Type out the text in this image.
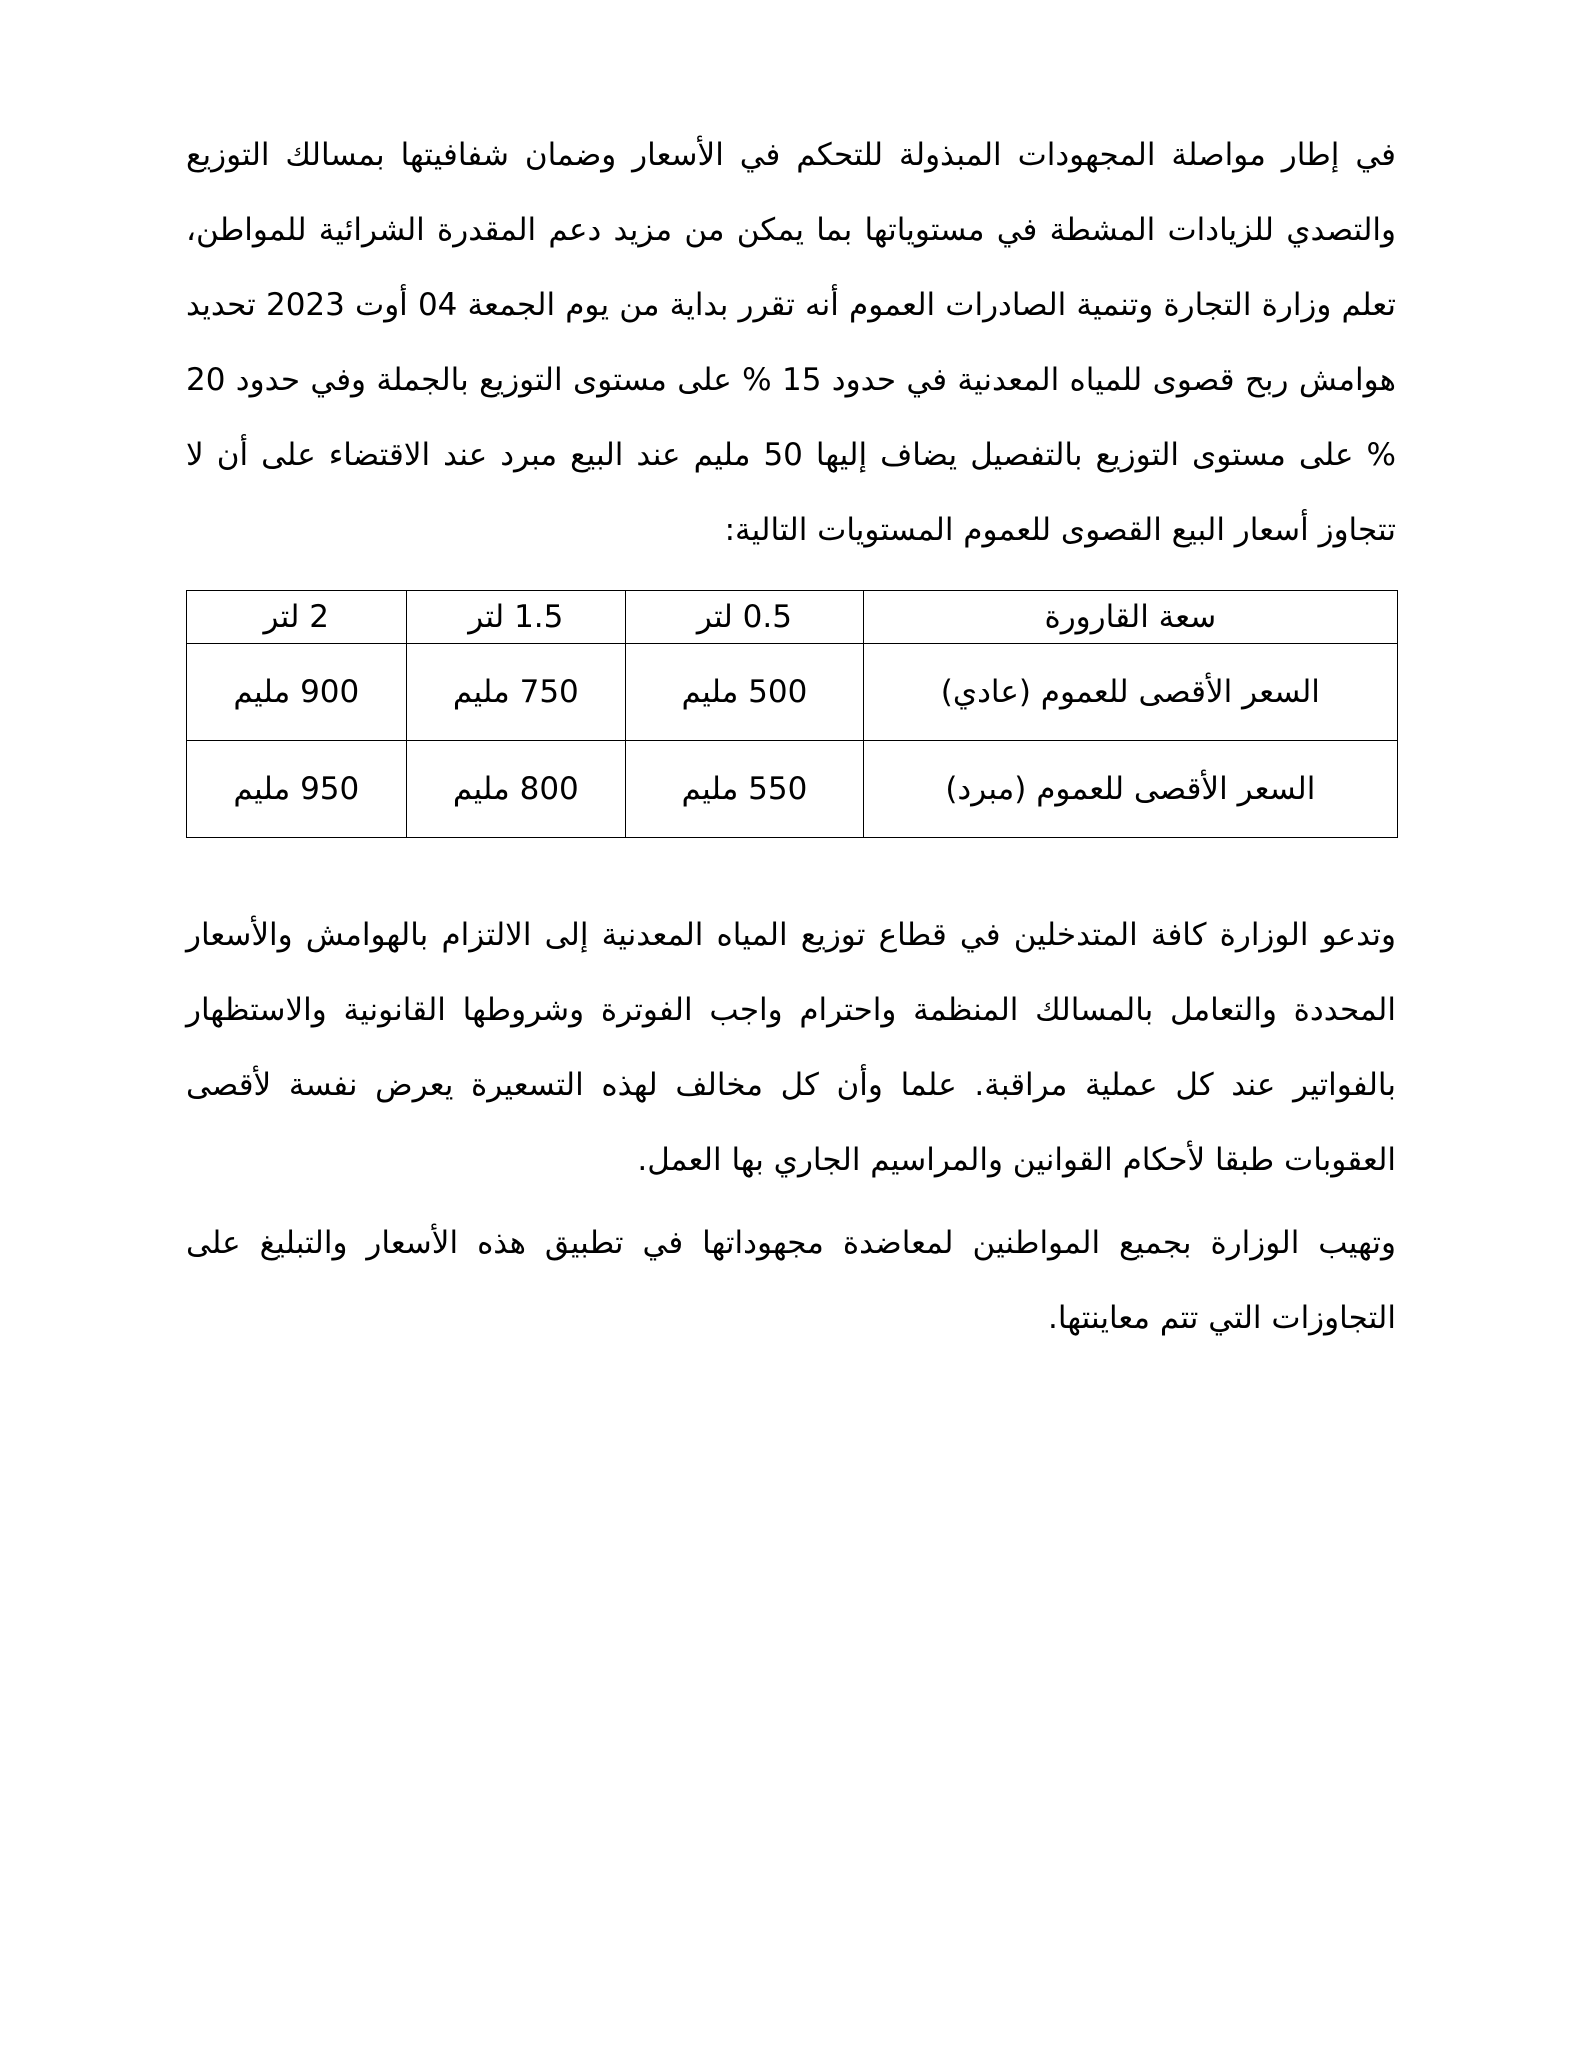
في إطار مواصلة المجهودات المبذولة للتحكم في الأسعار وضمان شفافيتها بمسالك التوزيع والتصدي للزيادات المشطة في مستوياتها بما يمكن من مزيد دعم المقدرة الشرائية للمواطن، تعلم وزارة التجارة وتنمية الصادرات العموم أنه تقرر بداية من يوم الجمعة 04 أوت 2023 تحديد هوامش ربح قصوى للمياه المعدنية في حدود 15 % على مستوى التوزيع بالجملة وفي حدود 20 % على مستوى التوزيع بالتفصيل يضاف إليها 50 مليم عند البيع مبرد عند الاقتضاء على أن لا تتجاوز أسعار البيع القصوى للعموم المستويات التالية:

سعة القارورة	0.5 لتر	1.5 لتر	2 لتر
السعر الأقصى للعموم (عادي)	500 مليم	750 مليم	900 مليم
السعر الأقصى للعموم (مبرد)	550 مليم	800 مليم	950 مليم

وتدعو الوزارة كافة المتدخلين في قطاع توزيع المياه المعدنية إلى الالتزام بالهوامش والأسعار المحددة والتعامل بالمسالك المنظمة واحترام واجب الفوترة وشروطها القانونية والاستظهار بالفواتير عند كل عملية مراقبة. علما وأن كل مخالف لهذه التسعيرة يعرض نفسة لأقصى العقوبات طبقا لأحكام القوانين والمراسيم الجاري بها العمل.

وتهيب الوزارة بجميع المواطنين لمعاضدة مجهوداتها في تطبيق هذه الأسعار والتبليغ على التجاوزات التي تتم معاينتها.
